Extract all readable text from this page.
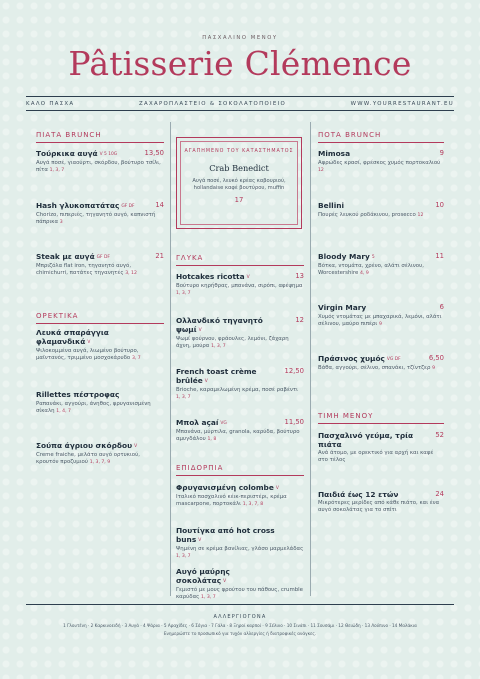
ΠΑΣΧΑΛΙΝΟ ΜΕΝΟΥ
Pâtisserie Clémence
ΚΑΛΟ ΠΑΣΧΑ	ΖΑΧΑΡΟΠΛΑΣΤΕΙΟ & ΣΟΚΟΛΑΤΟΠΟΙΕΙΟ	WWW.YOURRESTAURANT.EU
ΠΙΑΤΑ BRUNCH
Τούρκικα αυγά V 5 10G	13,50
Αυγά ποσέ, γιαούρτι, σκόρδου, βούτυρο τσίλι, πίτα 1, 3, 7
Hash γλυκοπατάτας GF DF	14
Chorizo, πιπεριές, τηγανητό αυγό, καπνιστή πάπρικα 3
Steak με αυγά GF DF	21
Μπριζόλα flat iron, τηγανητό αυγό, chimichurri, πατάτες τηγανητές 3, 12
ΟΡΕΚΤΙΚΑ
Λευκά σπαράγγια φλαμανδικά V
Ψιλοκομμένα αυγά, λιωμένο βούτυρο, μαϊντανός, τριμμένο μοσχοκάρυδο 3, 7
Rillettes πέστροφας
Ραπανάκι, αγγούρι, άνηθος, φρυγανισμένη σίκαλη 1, 4, 7
Σούπα άγριου σκόρδου V
Creme fraiche, μελάτο αυγό ορτυκιού, κρουτόν προζυμιού 1, 3, 7, 9
ΑΓΑΠΗΜΕΝΟ ΤΟΥ ΚΑΤΑΣΤΗΜΑΤΟΣ
Crab Benedict
Αυγά ποσέ, λευκό κρέας καβουριού, hollandaise καφέ βουτύρου, muffin
17
ΓΛΥΚΑ
Hotcakes ricotta V	13
Βούτυρο κηρήθρας, μπανάνα, σιρόπι, αφέψημα 1, 3, 7
Ολλανδικό τηγανητό ψωμί V
12
Ψωμί φούρνου, φράουλες, λεμόνι, ζάχαρη άχνη, μούρα 1, 3, 7
French toast crème brûlée V
12,50
Brioche, καραμελωμένη κρέμα, ποσέ ραβέντι 1, 3, 7
Μπολ açaí VG	11,50
Μπανάνα, μύρτιλα, granola, καρύδα, βούτυρο αμυγδάλου 1, 8
ΕΠΙΔΟΡΠΙΑ
Φρυγανισμένη colombe V
Ιταλικό πασχαλινό κέικ-περιστέρι, κρέμα mascarpone, πορτοκάλι 1, 3, 7, 8
Πουτίγκα από hot cross buns V
Ψημένη σε κρέμα βανίλιας, γλάσο μαρμελάδας 1, 3, 7
Αυγό μαύρης σοκολάτας V
Γεμιστό με μους φρούτου του πάθους, crumble καρύδας 1, 3, 7
ΠΟΤΑ BRUNCH
Mimosa	9
Αφρώδες κρασί, φρέσκος χυμός πορτοκαλιού 12
Bellini	10
Πουρές λευκού ροδάκινου, prosecco 12
Bloody Mary 5	11
Βότκα, ντομάτα, χρένο, αλάτι σέλινου, Worcestershire 4, 9
Virgin Mary	6
Χυμός ντομάτας με μπαχαρικά, λεμόνι, αλάτι σέλινου, μαύρο πιπέρι 9
Πράσινος χυμός VG DF	6,50
Βάθα, αγγούρι, σέλινο, σπανάκι, τζίντζερ 9
ΤΙΜΗ ΜΕΝΟΥ
Πασχαλινό γεύμα, τρία πιάτα
52
Ανά άτομο, με ορεκτικό για αρχή και καφέ στο τέλος
Παιδιά έως 12 ετών	24
Μικρότερες μερίδες από κάθε πιάτο, και ένα αυγό σοκολάτας για το σπίτι
ΑΛΛΕΡΓΙΟΓΟΝΑ
1 Γλουτένη · 2 Καρκινοειδή · 3 Αυγά · 4 Ψάρια · 5 Αραχίδες · 6 Σόγια · 7 Γάλα · 8 Ξηροί καρποί · 9 Σέλινο · 10 Σινάπι · 11 Σουσάμι · 12 Θειώδη · 13 Λούπινο · 14 Μαλάκια
Ενημερώστε το προσωπικό για τυχόν αλλεργίες ή διατροφικές ανάγκες.
